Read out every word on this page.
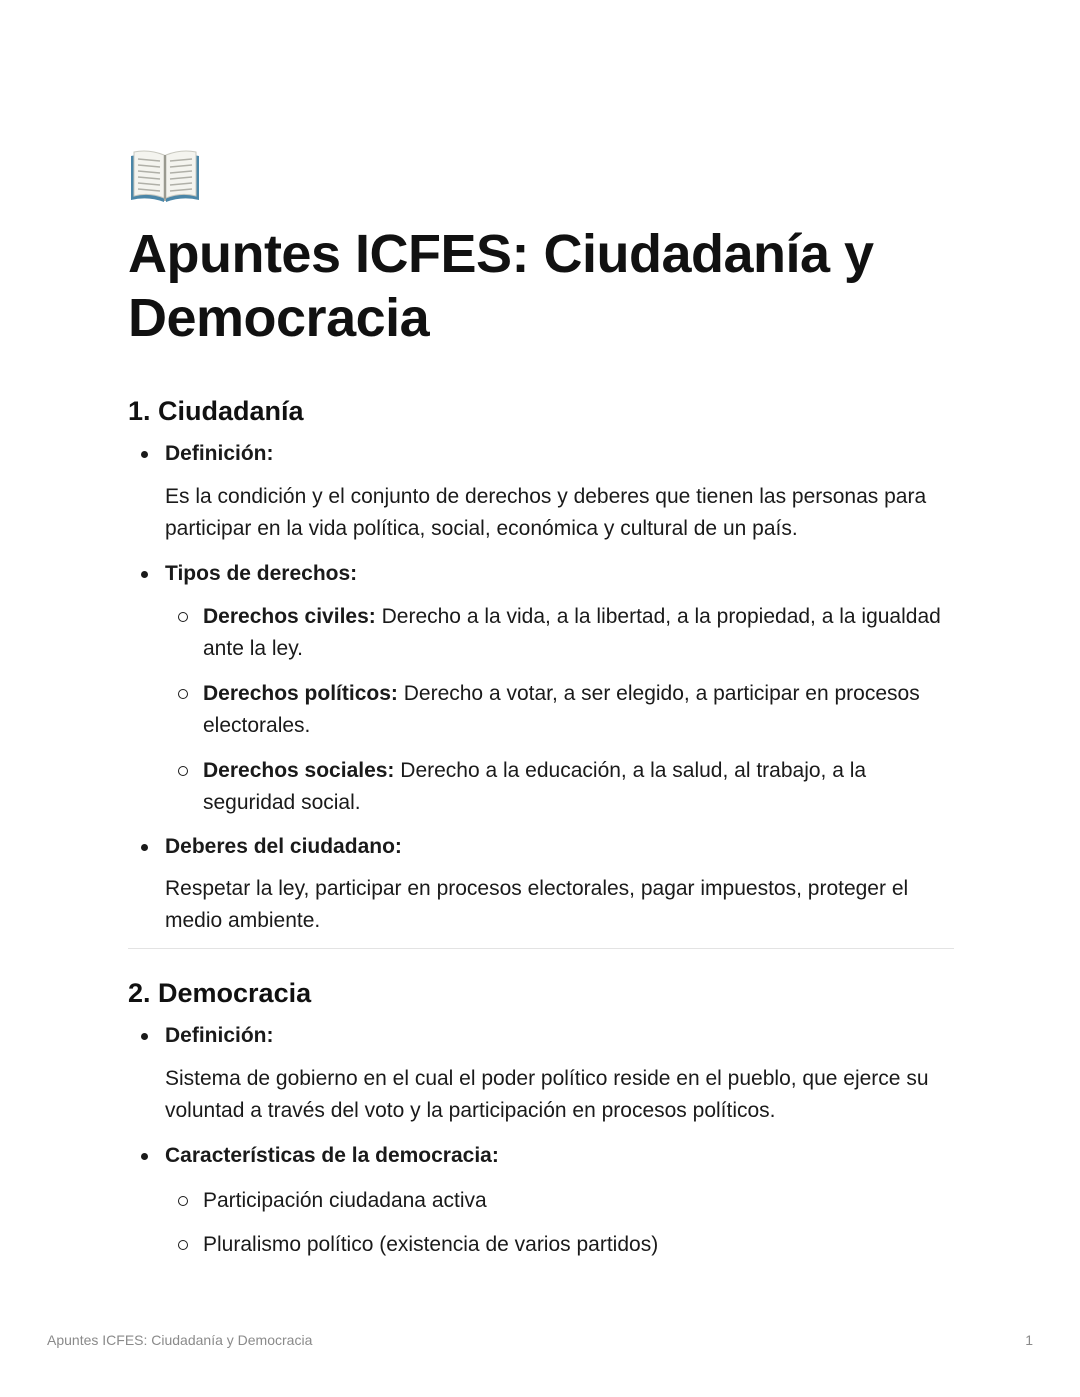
Apuntes ICFES: Ciudadanía y Democracia
1. Ciudadanía
Definición:
Es la condición y el conjunto de derechos y deberes que tienen las personas para participar en la vida política, social, económica y cultural de un país.
Tipos de derechos:
Derechos civiles: Derecho a la vida, a la libertad, a la propiedad, a la igualdad ante la ley.
Derechos políticos: Derecho a votar, a ser elegido, a participar en procesos electorales.
Derechos sociales: Derecho a la educación, a la salud, al trabajo, a la seguridad social.
Deberes del ciudadano:
Respetar la ley, participar en procesos electorales, pagar impuestos, proteger el medio ambiente.
2. Democracia
Definición:
Sistema de gobierno en el cual el poder político reside en el pueblo, que ejerce su voluntad a través del voto y la participación en procesos políticos.
Características de la democracia:
Participación ciudadana activa
Pluralismo político (existencia de varios partidos)
Apuntes ICFES: Ciudadanía y Democracia	1
